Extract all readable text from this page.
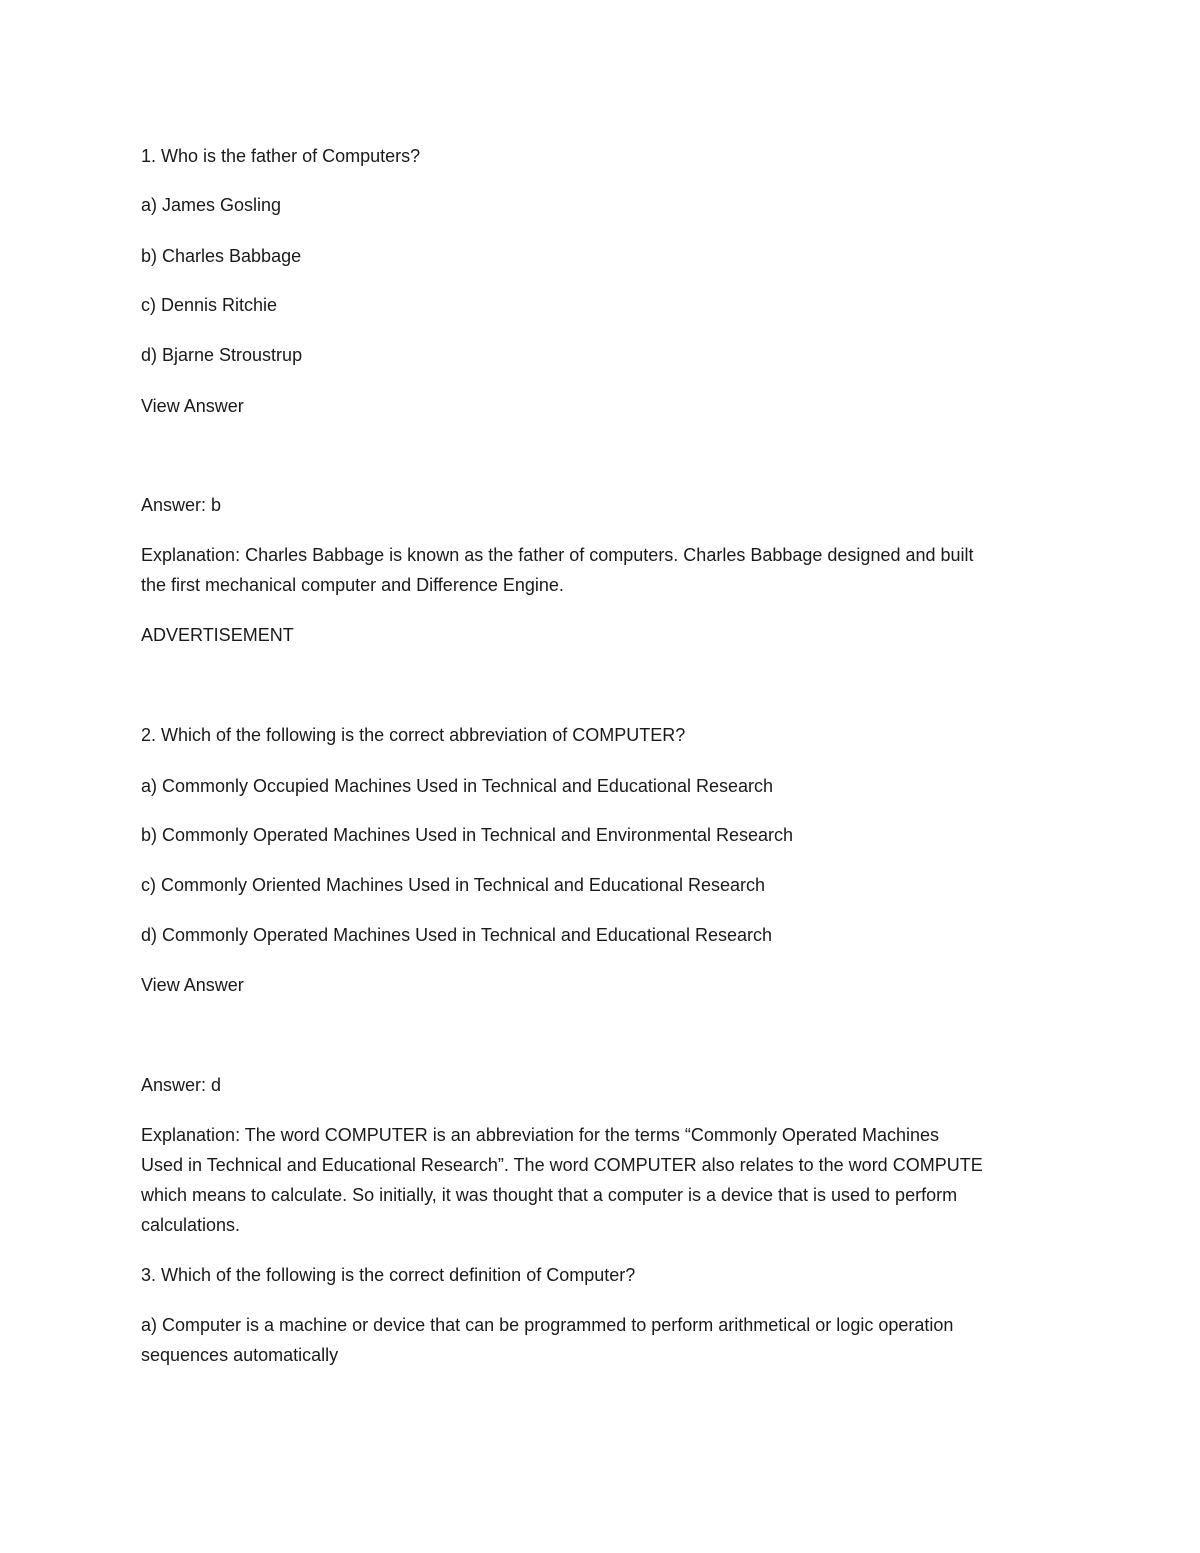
1. Who is the father of Computers?
a) James Gosling
b) Charles Babbage
c) Dennis Ritchie
d) Bjarne Stroustrup
View Answer
Answer: b
Explanation: Charles Babbage is known as the father of computers. Charles Babbage designed and built
the first mechanical computer and Difference Engine.
ADVERTISEMENT
2. Which of the following is the correct abbreviation of COMPUTER?
a) Commonly Occupied Machines Used in Technical and Educational Research
b) Commonly Operated Machines Used in Technical and Environmental Research
c) Commonly Oriented Machines Used in Technical and Educational Research
d) Commonly Operated Machines Used in Technical and Educational Research
View Answer
Answer: d
Explanation: The word COMPUTER is an abbreviation for the terms “Commonly Operated Machines
Used in Technical and Educational Research”. The word COMPUTER also relates to the word COMPUTE
which means to calculate. So initially, it was thought that a computer is a device that is used to perform
calculations.
3. Which of the following is the correct definition of Computer?
a) Computer is a machine or device that can be programmed to perform arithmetical or logic operation
sequences automatically
